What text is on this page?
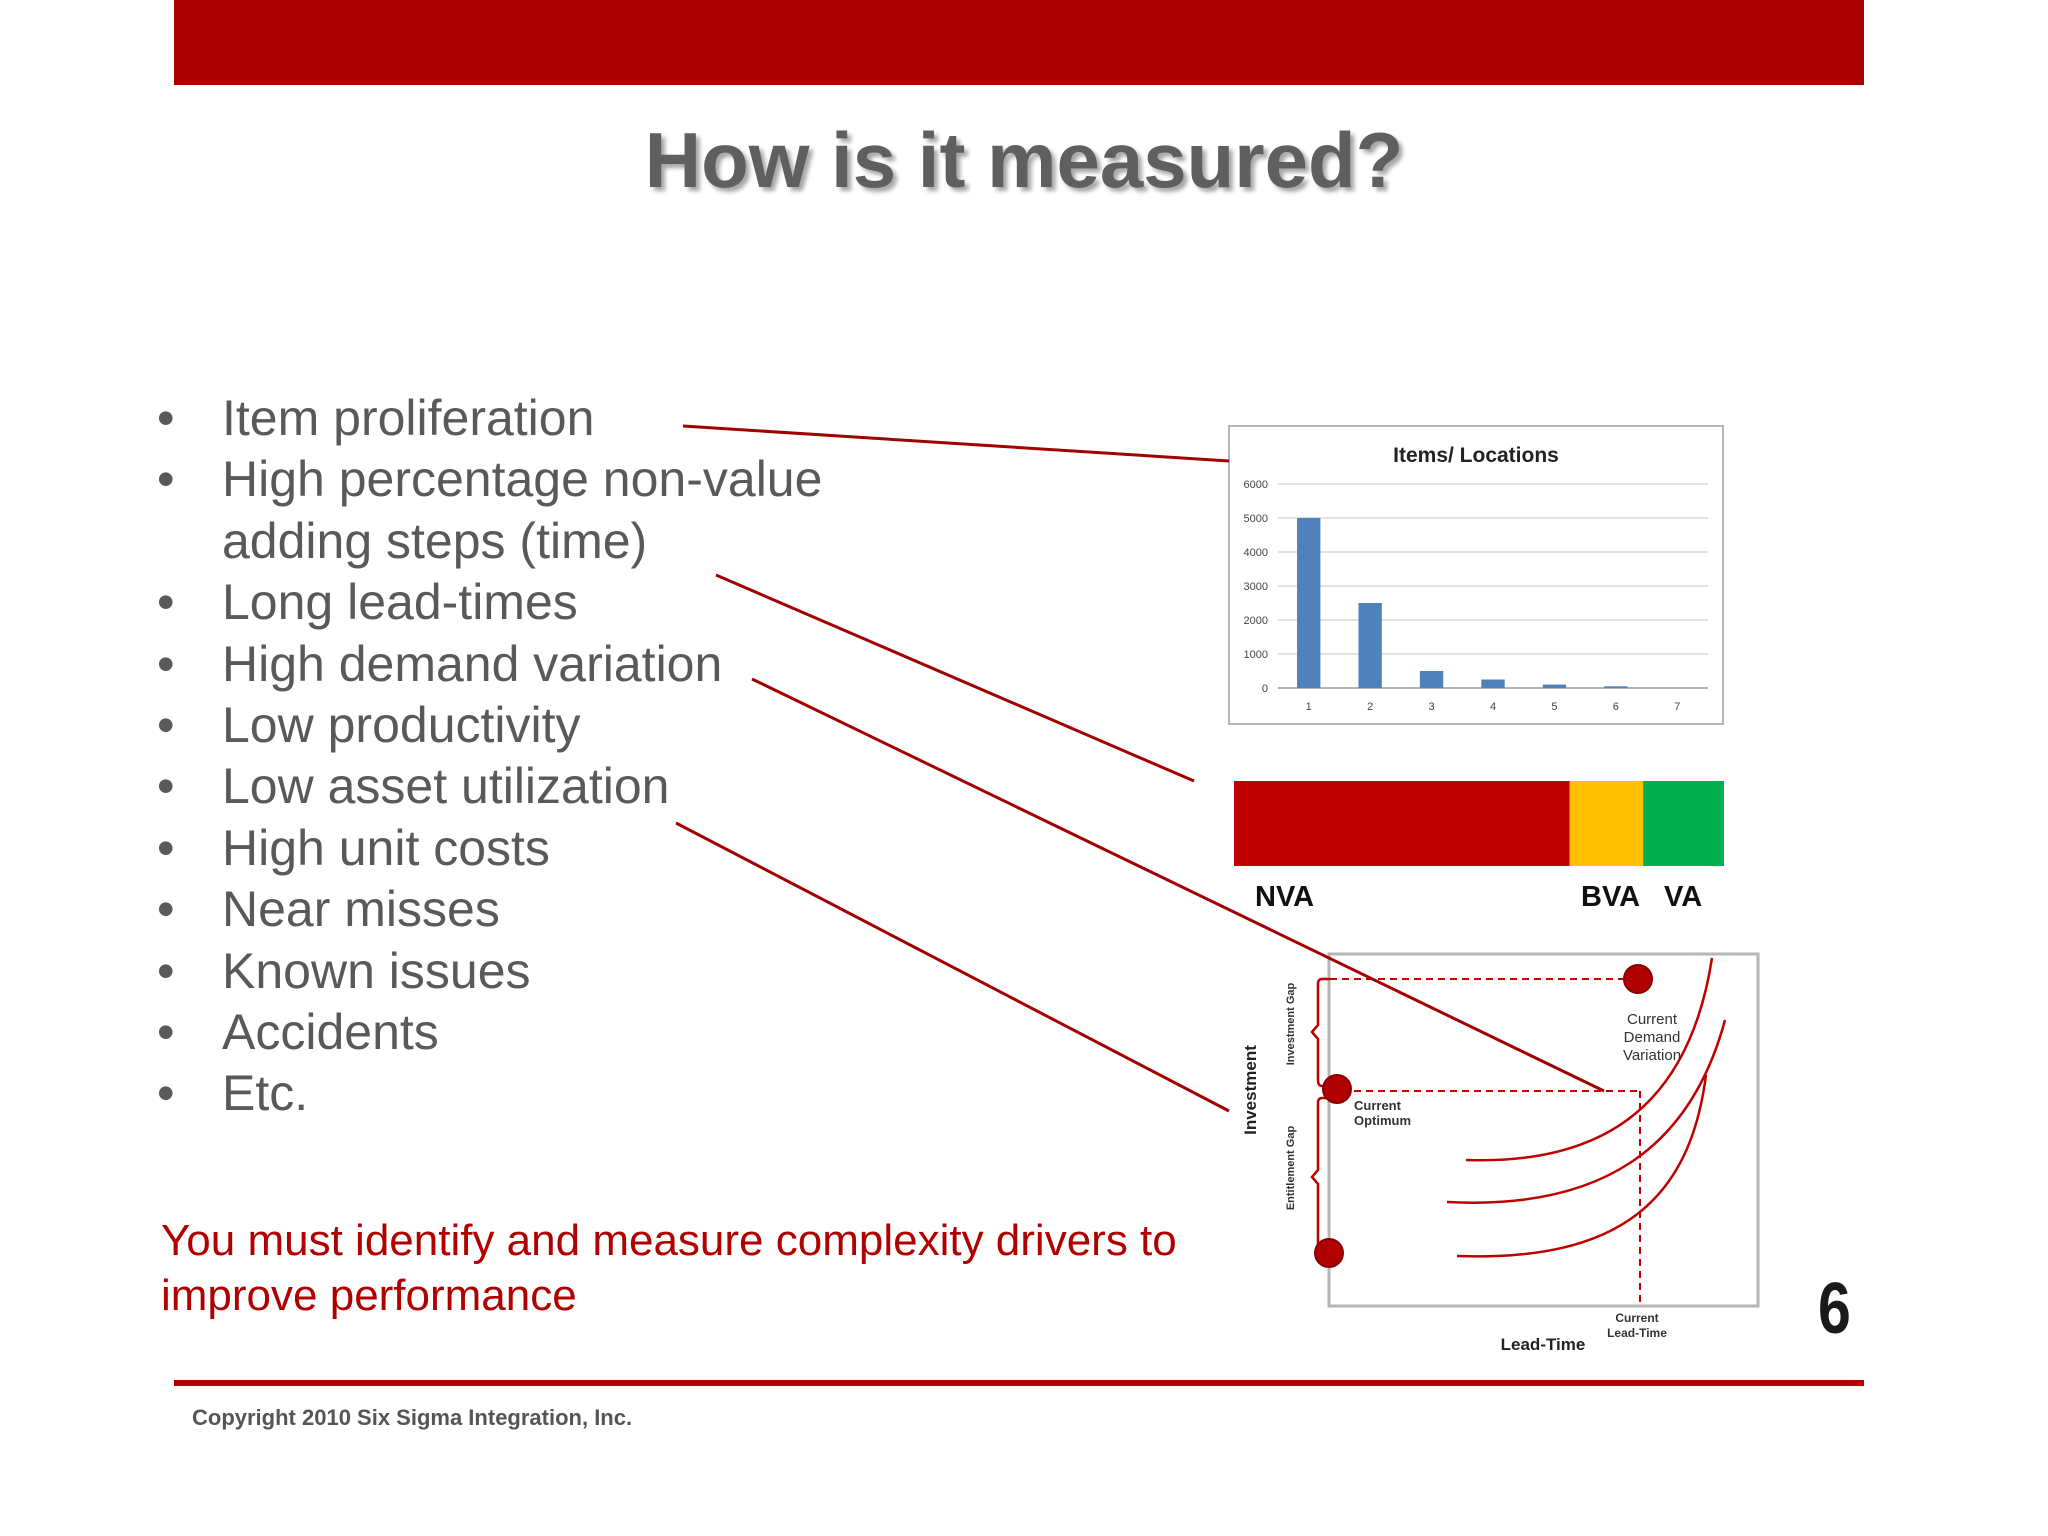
How is it measured?
• Item proliferation
• High percentage non-value adding steps (time)
• Long lead-times
• High demand variation
• Low productivity
• Low asset utilization
• High unit costs
• Near misses
• Known issues
• Accidents
• Etc.
Items/ Locations
0
1000
2000
3000
4000
5000
6000
1	2	3	4	5	6	7
Investment
Investment Gap
Entitlement Gap
Lead-Time
Current Demand Variation
Current Optimum
Current Lead-Time
NVA	BVA VA
You must identify and measure complexity drivers to improve performance	6
Copyright 2010 Six Sigma Integration, Inc.
